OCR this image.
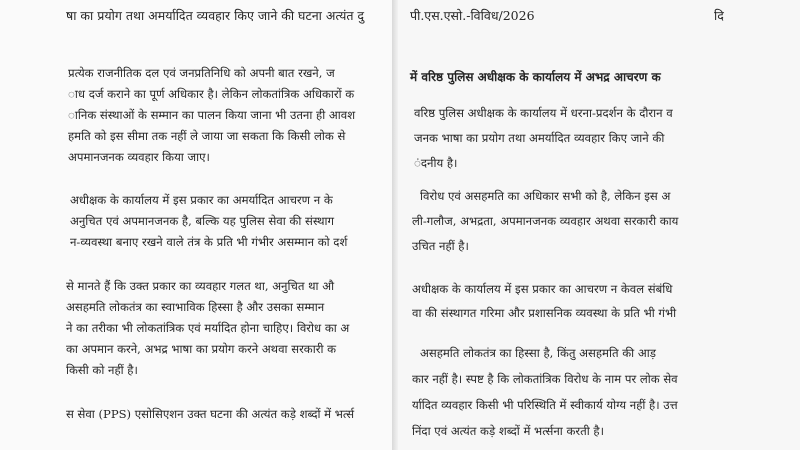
षा का प्रयोग तथा अमर्यादित व्यवहार किए जाने की घटना अत्यंत दु
प्रत्येक राजनीतिक दल एवं जनप्रतिनिधि को अपनी बात रखने, ज
ाध दर्ज कराने का पूर्ण अधिकार है। लेकिन लोकतांत्रिक अधिकारों क
ानिक संस्थाओं के सम्मान का पालन किया जाना भी उतना ही आवश
हमति को इस सीमा तक नहीं ले जाया जा सकता कि किसी लोक से
अपमानजनक व्यवहार किया जाए।
अधीक्षक के कार्यालय में इस प्रकार का अमर्यादित आचरण न के
अनुचित एवं अपमानजनक है, बल्कि यह पुलिस सेवा की संस्थाग
न-व्यवस्था बनाए रखने वाले तंत्र के प्रति भी गंभीर असम्मान को दर्श
से मानते हैं कि उक्त प्रकार का व्यवहार गलत था, अनुचित था औ
असहमति लोकतंत्र का स्वाभाविक हिस्सा है और उसका सम्मान
ने का तरीका भी लोकतांत्रिक एवं मर्यादित होना चाहिए। विरोध का अ
का अपमान करने, अभद्र भाषा का प्रयोग करने अथवा सरकारी क
किसी को नहीं है।
स सेवा (PPS) एसोसिएशन उक्त घटना की अत्यंत कड़े शब्दों में भर्त्स
पी.एस.एसो.-विविध/2026	दि
में वरिष्ठ पुलिस अधीक्षक के कार्यालय में अभद्र आचरण क
वरिष्ठ पुलिस अधीक्षक के कार्यालय में धरना-प्रदर्शन के दौरान व
जनक भाषा का प्रयोग तथा अमर्यादित व्यवहार किए जाने की
ंदनीय है।
विरोध एवं असहमति का अधिकार सभी को है, लेकिन इस अ
ली-गलौज, अभद्रता, अपमानजनक व्यवहार अथवा सरकारी काय
उचित नहीं है।
अधीक्षक के कार्यालय में इस प्रकार का आचरण न केवल संबंधि
वा की संस्थागत गरिमा और प्रशासनिक व्यवस्था के प्रति भी गंभी
असहमति लोकतंत्र का हिस्सा है, किंतु असहमति की आड़
कार नहीं है। स्पष्ट है कि लोकतांत्रिक विरोध के नाम पर लोक सेव
र्यादित व्यवहार किसी भी परिस्थिति में स्वीकार्य योग्य नहीं है। उत्त
निंदा एवं अत्यंत कड़े शब्दों में भर्त्सना करती है।
